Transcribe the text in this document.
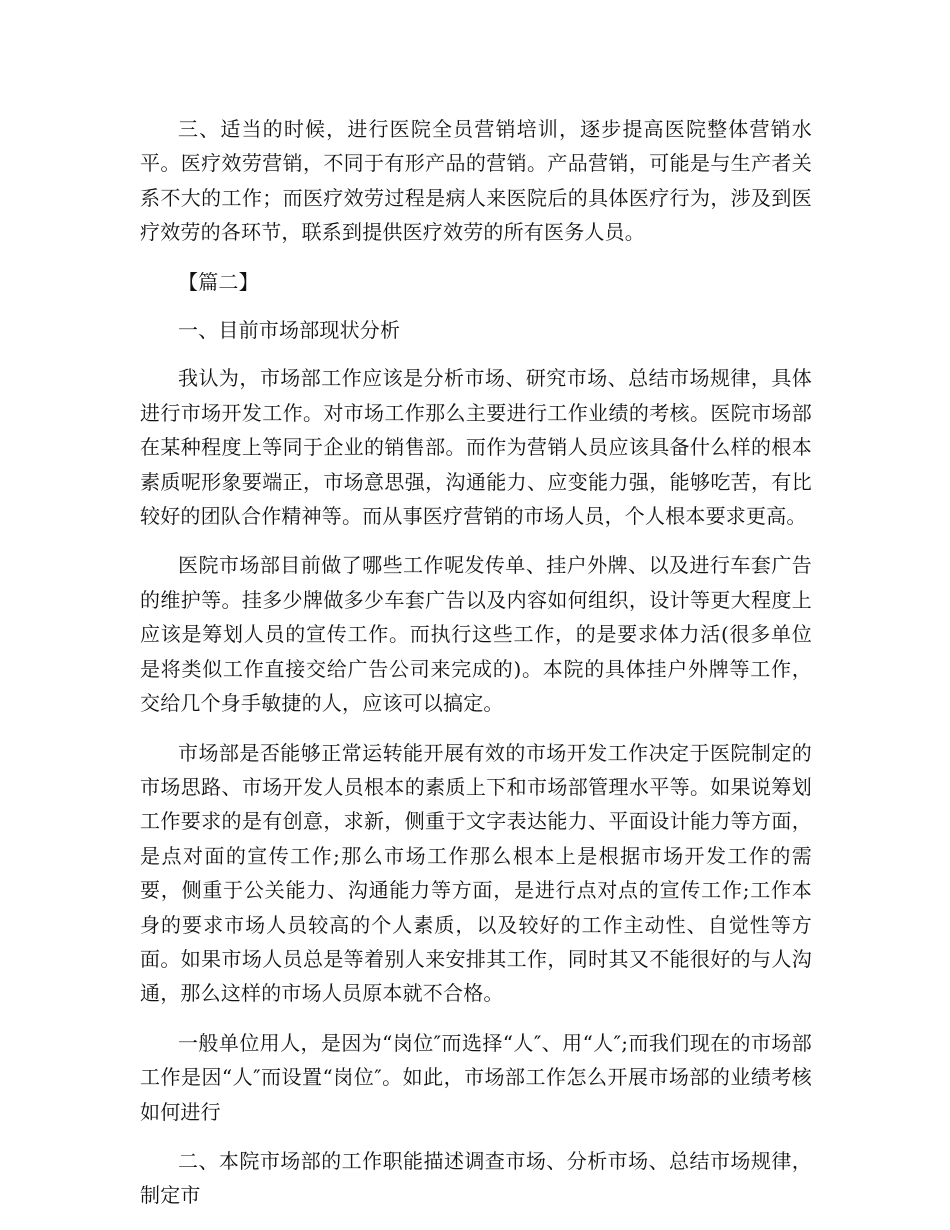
三、适当的时候，进行医院全员营销培训，逐步提高医院整体营销水平。医疗效劳营销，不同于有形产品的营销。产品营销，可能是与生产者关系不大的工作；而医疗效劳过程是病人来医院后的具体医疗行为，涉及到医疗效劳的各环节，联系到提供医疗效劳的所有医务人员。

【篇二】

一、目前市场部现状分析

我认为，市场部工作应该是分析市场、研究市场、总结市场规律，具体进行市场开发工作。对市场工作那么主要进行工作业绩的考核。医院市场部在某种程度上等同于企业的销售部。而作为营销人员应该具备什么样的根本素质呢形象要端正，市场意思强，沟通能力、应变能力强，能够吃苦，有比较好的团队合作精神等。而从事医疗营销的市场人员，个人根本要求更高。

医院市场部目前做了哪些工作呢发传单、挂户外牌、以及进行车套广告的维护等。挂多少牌做多少车套广告以及内容如何组织，设计等更大程度上应该是筹划人员的宣传工作。而执行这些工作，的是要求体力活(很多单位是将类似工作直接交给广告公司来完成的)。本院的具体挂户外牌等工作，交给几个身手敏捷的人，应该可以搞定。

市场部是否能够正常运转能开展有效的市场开发工作决定于医院制定的市场思路、市场开发人员根本的素质上下和市场部管理水平等。如果说筹划工作要求的是有创意，求新，侧重于文字表达能力、平面设计能力等方面，是点对面的宣传工作;那么市场工作那么根本上是根据市场开发工作的需要，侧重于公关能力、沟通能力等方面，是进行点对点的宣传工作;工作本身的要求市场人员较高的个人素质，以及较好的工作主动性、自觉性等方面。如果市场人员总是等着别人来安排其工作，同时其又不能很好的与人沟通，那么这样的市场人员原本就不合格。

一般单位用人，是因为“岗位″而选择“人″、用“人″;而我们现在的市场部工作是因“人″而设置“岗位″。如此，市场部工作怎么开展市场部的业绩考核如何进行

二、本院市场部的工作职能描述调查市场、分析市场、总结市场规律，制定市
